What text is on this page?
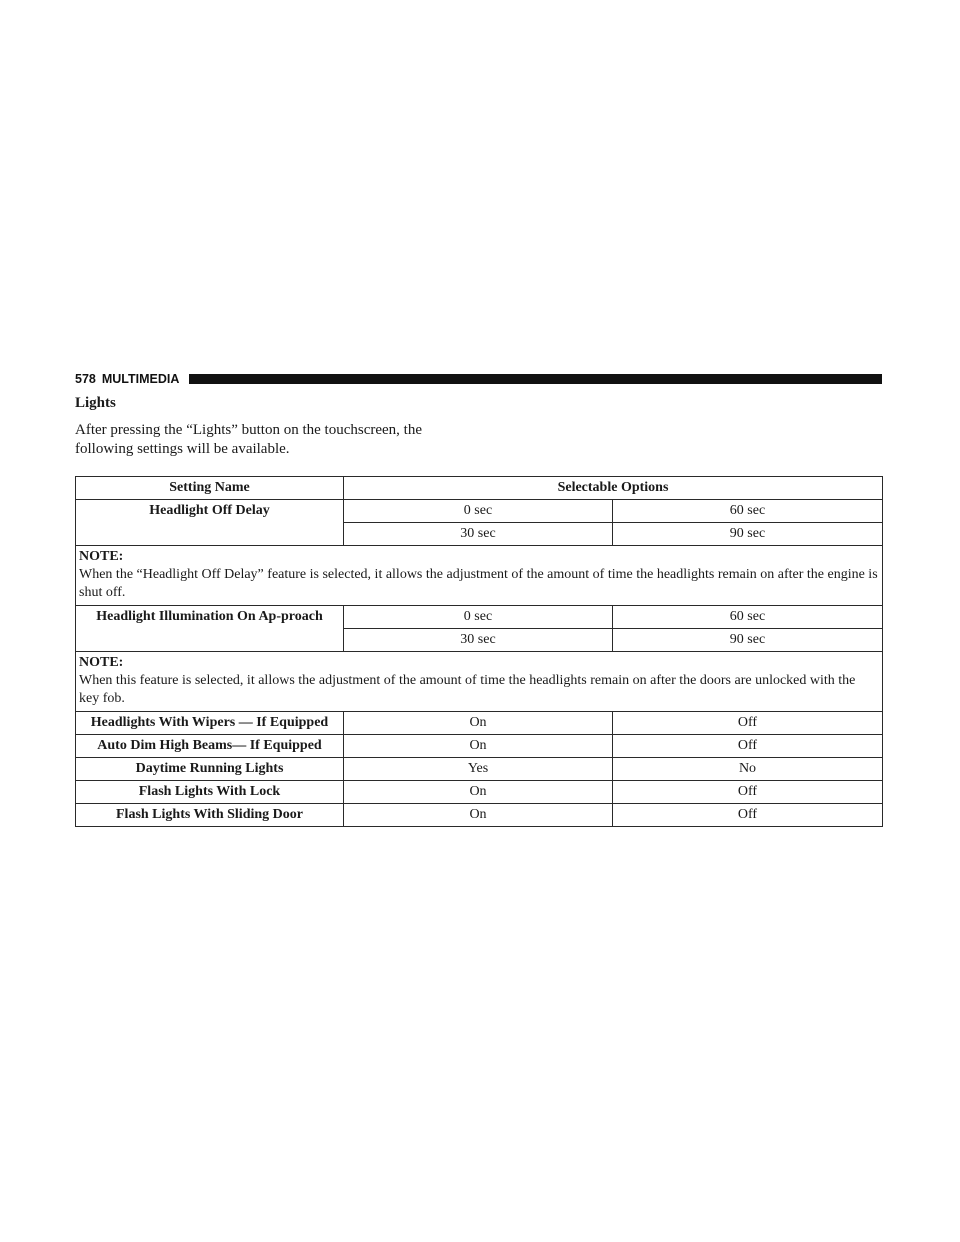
578 MULTIMEDIA
Lights
After pressing the “Lights” button on the touchscreen, the following settings will be available.
Setting Name	Selectable Options	
Headlight Off Delay	0 sec	60 sec
	30 sec	90 sec

NOTE:
When the “Headlight Off Delay” feature is selected, it allows the adjustment of the amount of time the headlights remain on after the engine is shut off.		
Headlight Illumination On Ap-proach	0 sec	60 sec
	30 sec	90 sec

NOTE:
When this feature is selected, it allows the adjustment of the amount of time the headlights remain on after the doors are unlocked with the key fob.		
Headlights With Wipers — If Equipped	On	Off
Auto Dim High Beams— If Equipped	On	Off
Daytime Running Lights	Yes	No
Flash Lights With Lock	On	Off
Flash Lights With Sliding Door	On	Off
